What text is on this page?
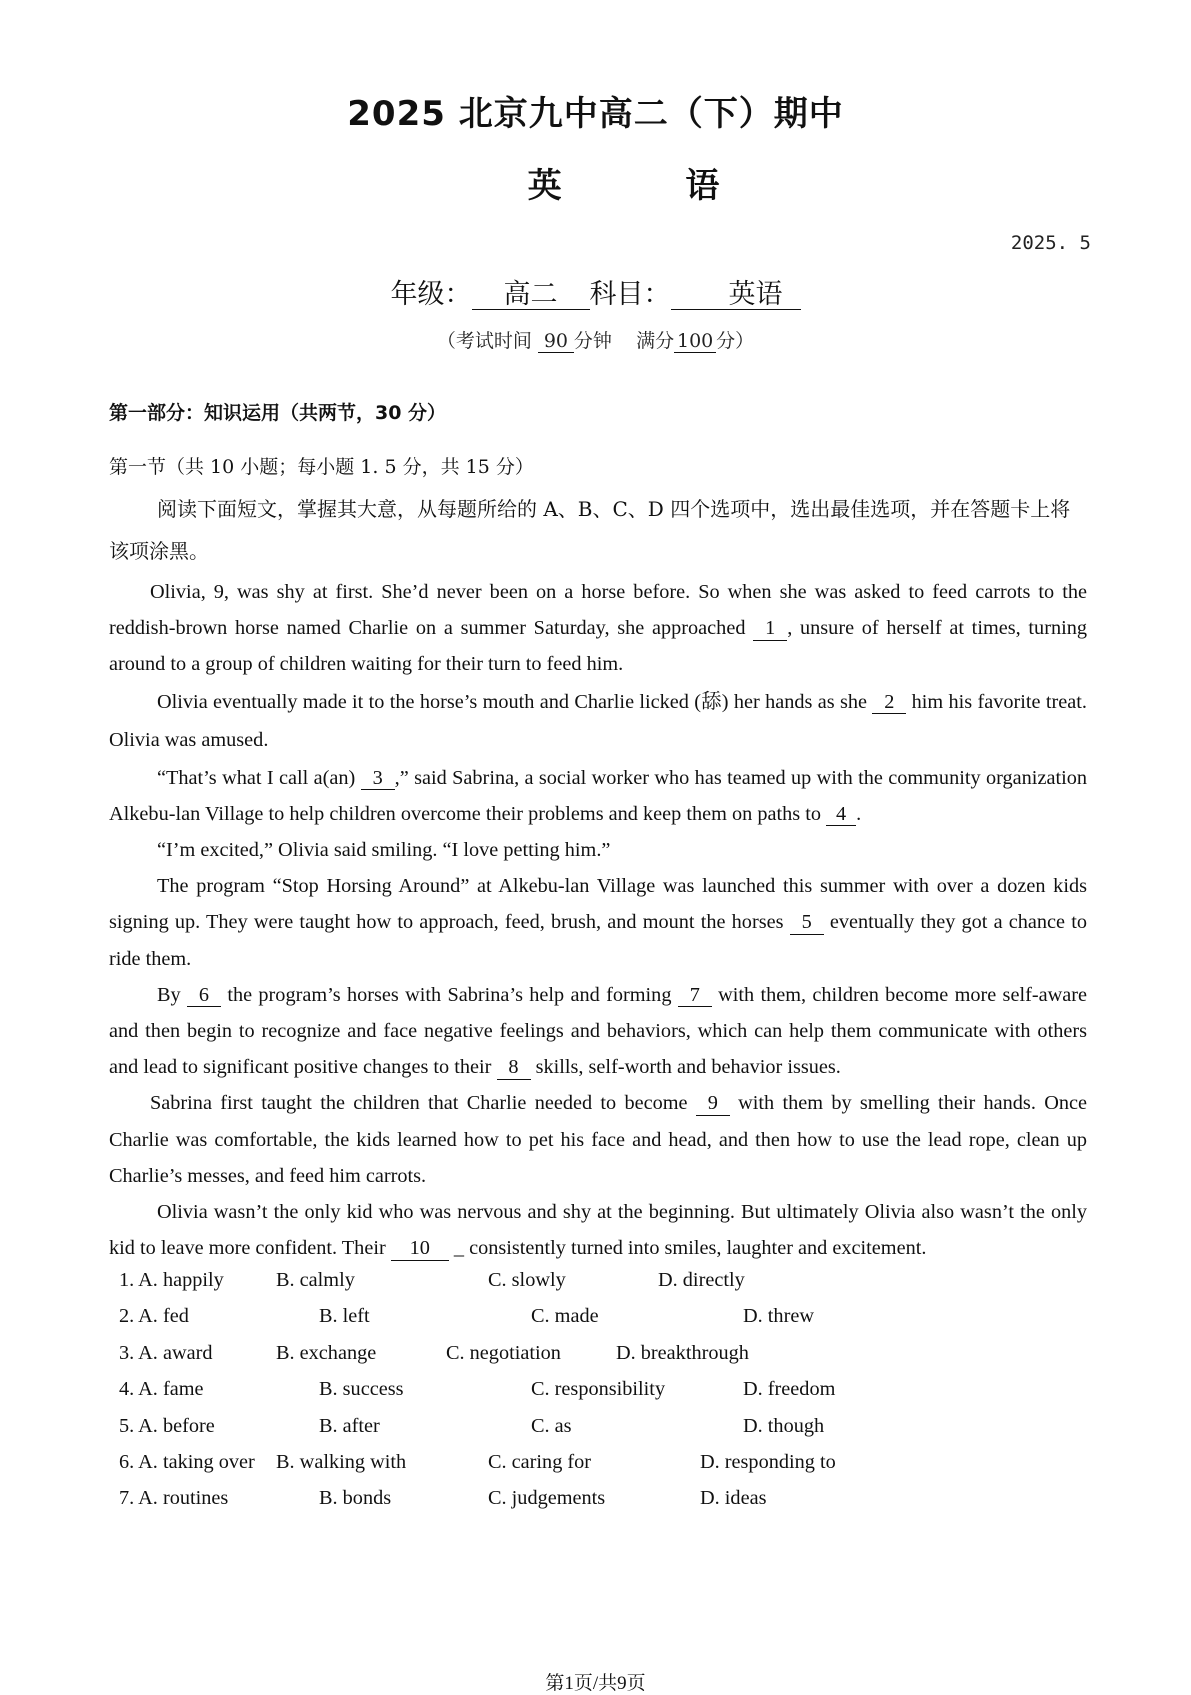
2025 北京九中高二（下）期中
英 语
2025. 5
年级： 高二 科目： 英语
（考试时间 90 分钟 满分 100 分）
第一部分：知识运用（共两节，30 分）
第一节（共 10 小题；每小题 1. 5 分，共 15 分）
阅读下面短文，掌握其大意，从每题所给的 A、B、C、D 四个选项中，选出最佳选项，并在答题卡上将该项涂黑。

Olivia, 9, was shy at first. She’d never been on a horse before. So when she was asked to feed carrots to the reddish-brown horse named Charlie on a summer Saturday, she approached 1 , unsure of herself at times, turning around to a group of children waiting for their turn to feed him.

Olivia eventually made it to the horse’s mouth and Charlie licked (舔) her hands as she 2 him his favorite treat. Olivia was amused.

“That’s what I call a(an) 3 ,” said Sabrina, a social worker who has teamed up with the community organization Alkebu-lan Village to help children overcome their problems and keep them on paths to 4 .

“I’m excited,” Olivia said smiling. “I love petting him.”

The program “Stop Horsing Around” at Alkebu-lan Village was launched this summer with over a dozen kids signing up. They were taught how to approach, feed, brush, and mount the horses 5 eventually they got a chance to ride them.

By 6 the program’s horses with Sabrina’s help and forming 7 with them, children become more self-aware and then begin to recognize and face negative feelings and behaviors, which can help them communicate with others and lead to significant positive changes to their 8 skills, self-worth and behavior issues.

Sabrina first taught the children that Charlie needed to become 9 with them by smelling their hands. Once Charlie was comfortable, the kids learned how to pet his face and head, and then how to use the lead rope, clean up Charlie’s messes, and feed him carrots.

Olivia wasn’t the only kid who was nervous and shy at the beginning. But ultimately Olivia also wasn’t the only kid to leave more confident. Their 10 _ consistently turned into smiles, laughter and excitement.

1. A. happily	B. calmly	C. slowly	D. directly
2. A. fed	B. left	C. made	D. threw
3. A. award	B. exchange	C. negotiation	D. breakthrough
4. A. fame	B. success	C. responsibility	D. freedom
5. A. before	B. after	C. as	D. though
6. A. taking over B. walking with	C. caring for	D. responding to
7. A. routines	B. bonds	C. judgements	D. ideas
第1页/共9页
